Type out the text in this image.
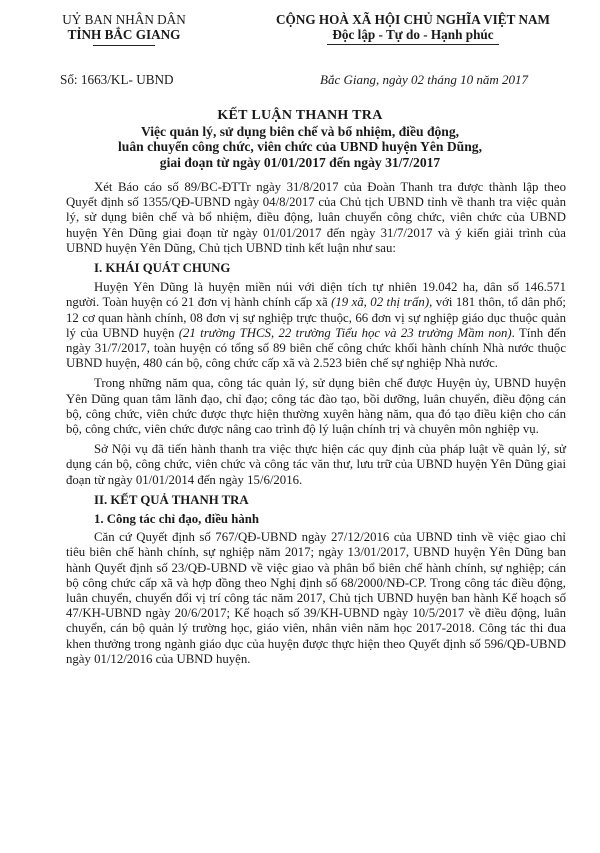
UỶ BAN NHÂN DÂN
TỈNH BẮC GIANG
Số: 1663/KL- UBND
CỘNG HOÀ XÃ HỘI CHỦ NGHĨA VIỆT NAM
Độc lập - Tự do - Hạnh phúc
Bắc Giang, ngày 02 tháng 10 năm 2017
KẾT LUẬN THANH TRA
Việc quản lý, sử dụng biên chế và bổ nhiệm, điều động,
luân chuyển công chức, viên chức của UBND huyện Yên Dũng,
giai đoạn từ ngày 01/01/2017 đến ngày 31/7/2017

Xét Báo cáo số 89/BC-ĐTTr ngày 31/8/2017 của Đoàn Thanh tra được thành lập theo Quyết định số 1355/QĐ-UBND ngày 04/8/2017 của Chủ tịch UBND tỉnh về thanh tra việc quản lý, sử dụng biên chế và bổ nhiệm, điều động, luân chuyển công chức, viên chức của UBND huyện Yên Dũng giai đoạn từ ngày 01/01/2017 đến ngày 31/7/2017 và ý kiến giải trình của UBND huyện Yên Dũng, Chủ tịch UBND tỉnh kết luận như sau:

I. KHÁI QUÁT CHUNG

Huyện Yên Dũng là huyện miền núi với diện tích tự nhiên 19.042 ha, dân số 146.571 người. Toàn huyện có 21 đơn vị hành chính cấp xã (19 xã, 02 thị trấn), với 181 thôn, tổ dân phố; 12 cơ quan hành chính, 08 đơn vị sự nghiệp trực thuộc, 66 đơn vị sự nghiệp giáo dục thuộc quản lý của UBND huyện (21 trường THCS, 22 trường Tiểu học và 23 trường Mầm non). Tính đến ngày 31/7/2017, toàn huyện có tổng số 89 biên chế công chức khối hành chính Nhà nước thuộc UBND huyện, 480 cán bộ, công chức cấp xã và 2.523 biên chế sự nghiệp Nhà nước.

Trong những năm qua, công tác quản lý, sử dụng biên chế được Huyện ủy, UBND huyện Yên Dũng quan tâm lãnh đạo, chỉ đạo; công tác đào tạo, bồi dưỡng, luân chuyển, điều động cán bộ, công chức, viên chức được thực hiện thường xuyên hàng năm, qua đó tạo điều kiện cho cán bộ, công chức, viên chức được nâng cao trình độ lý luận chính trị và chuyên môn nghiệp vụ.

Sở Nội vụ đã tiến hành thanh tra việc thực hiện các quy định của pháp luật về quản lý, sử dụng cán bộ, công chức, viên chức và công tác văn thư, lưu trữ của UBND huyện Yên Dũng giai đoạn từ ngày 01/01/2014 đến ngày 15/6/2016.

II. KẾT QUẢ THANH TRA
1. Công tác chỉ đạo, điều hành

Căn cứ Quyết định số 767/QĐ-UBND ngày 27/12/2016 của UBND tỉnh về việc giao chỉ tiêu biên chế hành chính, sự nghiệp năm 2017; ngày 13/01/2017, UBND huyện Yên Dũng ban hành Quyết định số 23/QĐ-UBND về việc giao và phân bổ biên chế hành chính, sự nghiệp; cán bộ công chức cấp xã và hợp đồng theo Nghị định số 68/2000/NĐ-CP. Trong công tác điều động, luân chuyển, chuyển đổi vị trí công tác năm 2017, Chủ tịch UBND huyện ban hành Kế hoạch số 47/KH-UBND ngày 20/6/2017; Kế hoạch số 39/KH-UBND ngày 10/5/2017 về điều động, luân chuyển, cán bộ quản lý trường học, giáo viên, nhân viên năm học 2017-2018. Công tác thi đua khen thưởng trong ngành giáo dục của huyện được thực hiện theo Quyết định số 596/QĐ-UBND ngày 01/12/2016 của UBND huyện.
